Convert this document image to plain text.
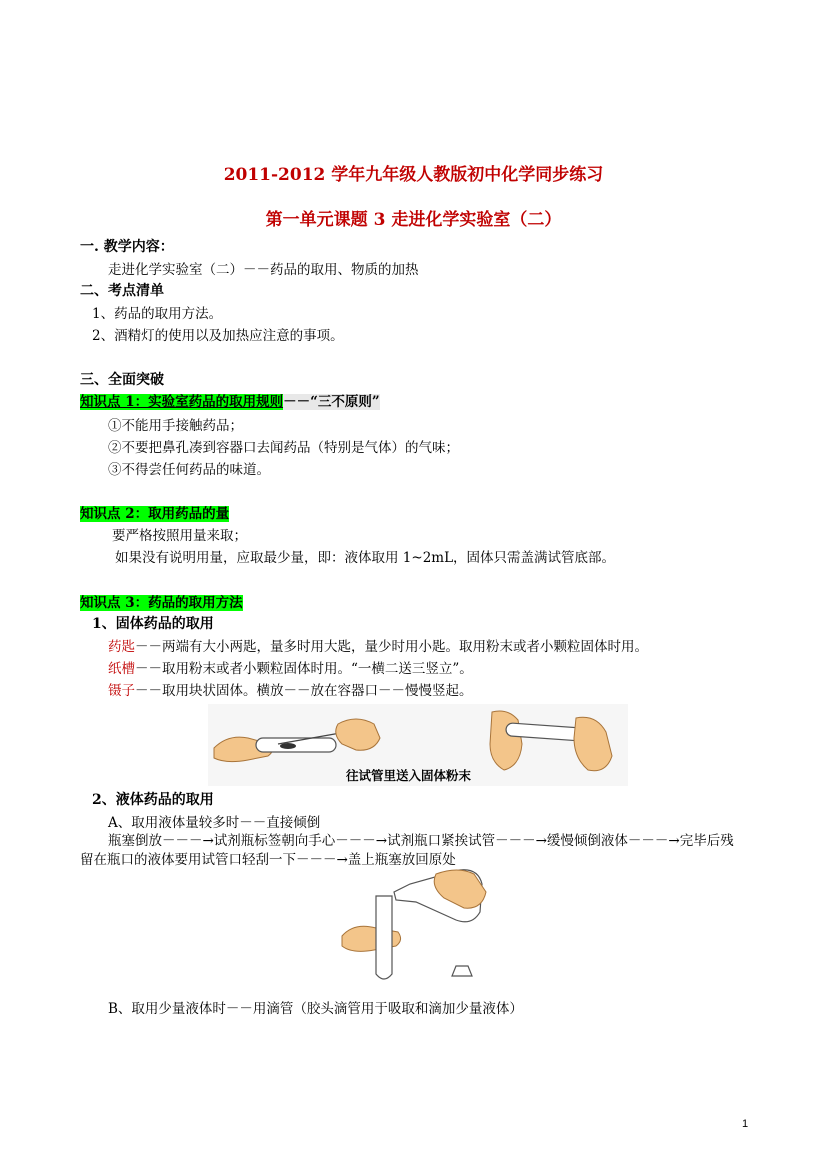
2011-2012 学年九年级人教版初中化学同步练习
第一单元课题 3 走进化学实验室（二）
一. 教学内容：
走进化学实验室（二）－－药品的取用、物质的加热
二、考点清单
1、药品的取用方法。
2、酒精灯的使用以及加热应注意的事项。
三、全面突破
知识点 1：实验室药品的取用规则－－“三不原则”
①不能用手接触药品；
②不要把鼻孔凑到容器口去闻药品（特别是气体）的气味；
③不得尝任何药品的味道。
知识点 2：取用药品的量
要严格按照用量来取；
如果没有说明用量，应取最少量，即：液体取用 1~2mL，固体只需盖满试管底部。
知识点 3：药品的取用方法
1、固体药品的取用
药匙－－两端有大小两匙，量多时用大匙，量少时用小匙。取用粉末或者小颗粒固体时用。
纸槽－－取用粉末或者小颗粒固体时用。“一横二送三竖立”。
镊子－－取用块状固体。横放－－放在容器口－－慢慢竖起。
往试管里送入固体粉末
2、液体药品的取用
A、取用液体量较多时－－直接倾倒
瓶塞倒放－－－→试剂瓶标签朝向手心－－－→试剂瓶口紧挨试管－－－→缓慢倾倒液体－－－→完毕后残
留在瓶口的液体要用试管口轻刮一下－－－→盖上瓶塞放回原处
B、取用少量液体时－－用滴管（胶头滴管用于吸取和滴加少量液体）
1
